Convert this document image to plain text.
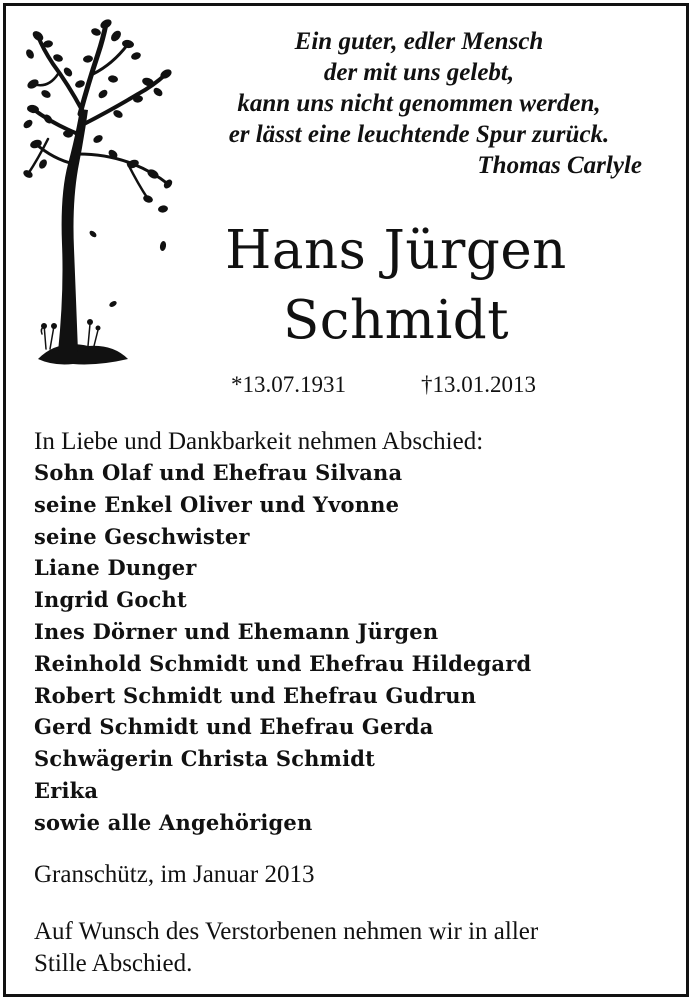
Ein guter, edler Mensch
der mit uns gelebt,
kann uns nicht genommen werden,
er lässt eine leuchtende Spur zurück.
Thomas Carlyle
Hans Jürgen
Schmidt
*13.07.1931	†13.01.2013
In Liebe und Dankbarkeit nehmen Abschied:
Sohn Olaf und Ehefrau Silvana
seine Enkel Oliver und Yvonne
seine Geschwister
Liane Dunger
Ingrid Gocht
Ines Dörner und Ehemann Jürgen
Reinhold Schmidt und Ehefrau Hildegard
Robert Schmidt und Ehefrau Gudrun
Gerd Schmidt und Ehefrau Gerda
Schwägerin Christa Schmidt
Erika
sowie alle Angehörigen
Granschütz, im Januar 2013
Auf Wunsch des Verstorbenen nehmen wir in aller
Stille Abschied.
